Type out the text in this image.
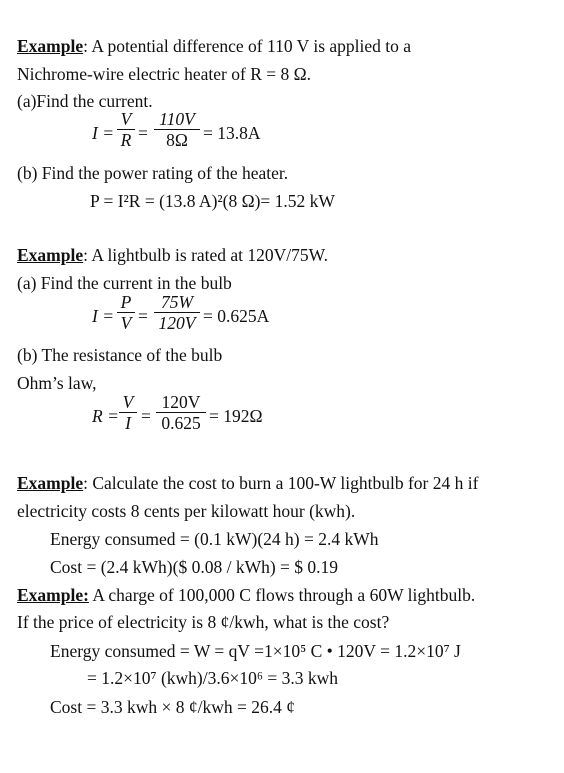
Example: A potential difference of 110 V is applied to a
Nichrome-wire electric heater of R = 8 Ω.
(a)Find the current.
$I = \frac{V}{R} = \frac{110V}{8\Omega} = 13.8A$
(b) Find the power rating of the heater.
P = I²R = (13.8 A)²(8 Ω)= 1.52 kW
Example: A lightbulb is rated at 120V/75W.
(a) Find the current in the bulb
$I = \frac{P}{V} = \frac{75W}{120V} = 0.625A$
(b) The resistance of the bulb
Ohm’s law,
$R = \frac{V}{I} = \frac{120V}{0.625} = 192\Omega$
Example: Calculate the cost to burn a 100-W lightbulb for 24 h if
electricity costs 8 cents per kilowatt hour (kwh).
Energy consumed = (0.1 kW)(24 h) = 2.4 kWh
Cost = (2.4 kWh)($ 0.08 / kWh) = $ 0.19
Example: A charge of 100,000 C flows through a 60W lightbulb.
If the price of electricity is 8 ¢/kwh, what is the cost?
Energy consumed = W = qV =1×10⁵ C • 120V = 1.2×10⁷ J
= 1.2×10⁷ (kwh)/3.6×10⁶ = 3.3 kwh
Cost = 3.3 kwh × 8 ¢/kwh = 26.4 ¢
